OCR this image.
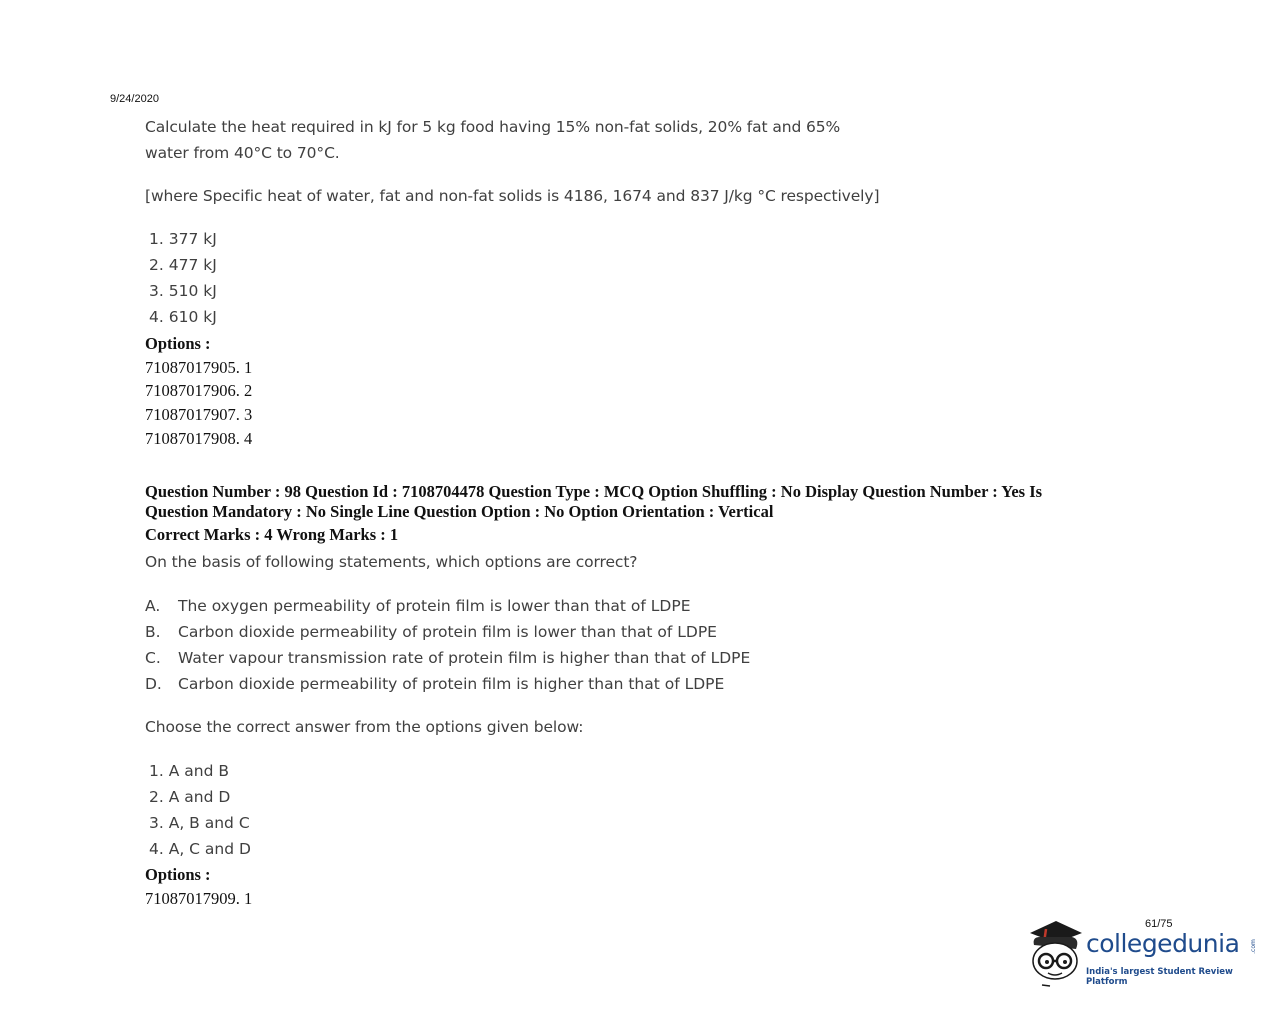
9/24/2020

Calculate the heat required in kJ for 5 kg food having 15% non-fat solids, 20% fat and 65%

water from 40°C to 70°C.

[where Specific heat of water, fat and non-fat solids is 4186, 1674 and 837 J/kg °C respectively]
1. 377 kJ
2. 477 kJ
3. 510 kJ
4. 610 kJ
Options :
71087017905. 1
71087017906. 2
71087017907. 3
71087017908. 4
Question Number : 98 Question Id : 7108704478 Question Type : MCQ Option Shuffling : No Display Question Number : Yes Is Question Mandatory : No Single Line Question Option : No Option Orientation : Vertical
Correct Marks : 4 Wrong Marks : 1
On the basis of following statements, which options are correct?
A.	The oxygen permeability of protein film is lower than that of LDPE
B.	Carbon dioxide permeability of protein film is lower than that of LDPE
C.	Water vapour transmission rate of protein film is higher than that of LDPE
D.	Carbon dioxide permeability of protein film is higher than that of LDPE
Choose the correct answer from the options given below:
1. A and B
2. A and D
3. A, B and C
4. A, C and D
Options :
71087017909. 1
61/75
collegedunia .com
India's largest Student Review Platform
